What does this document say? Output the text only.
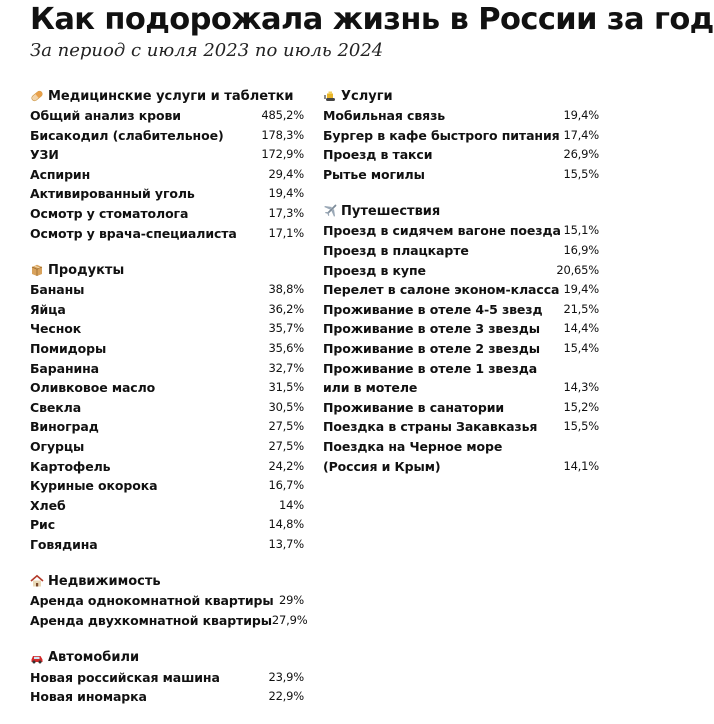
Как подорожала жизнь в России за год
За период с июля 2023 по июль 2024
Медицинские услуги и таблетки
Общий анализ крови	485,2%
Бисакодил (слабительное)	178,3%
УЗИ	172,9%
Аспирин	29,4%
Активированный уголь	19,4%
Осмотр у стоматолога	17,3%
Осмотр у врача-специалиста	17,1%
Продукты
Бананы	38,8%
Яйца	36,2%
Чеснок	35,7%
Помидоры	35,6%
Баранина	32,7%
Оливковое масло	31,5%
Свекла	30,5%
Виноград	27,5%
Огурцы	27,5%
Картофель	24,2%
Куриные окорока	16,7%
Хлеб	14%
Рис	14,8%
Говядина	13,7%
Недвижимость
Аренда однокомнатной квартиры 29%
Аренда двухкомнатной квартиры 27,9%
Автомобили
Новая российская машина	23,9%
Новая иномарка	22,9%
Услуги
Мобильная связь	19,4%
Бургер в кафе быстрого питания 17,4%
Проезд в такси	26,9%
Рытье могилы	15,5%
Путешествия
Проезд в сидячем вагоне поезда 15,1%
Проезд в плацкарте	16,9%
Проезд в купе	20,65%
Перелет в салоне эконом-класса 19,4%
Проживание в отеле 4-5 звезд 21,5%
Проживание в отеле 3 звезды 14,4%
Проживание в отеле 2 звезды 15,4%
Проживание в отеле 1 звезда или в мотеле	14,3%
Проживание в санатории	15,2%
Поездка в страны Закавказья 15,5%
Поездка на Черное море (Россия и Крым)	14,1%
